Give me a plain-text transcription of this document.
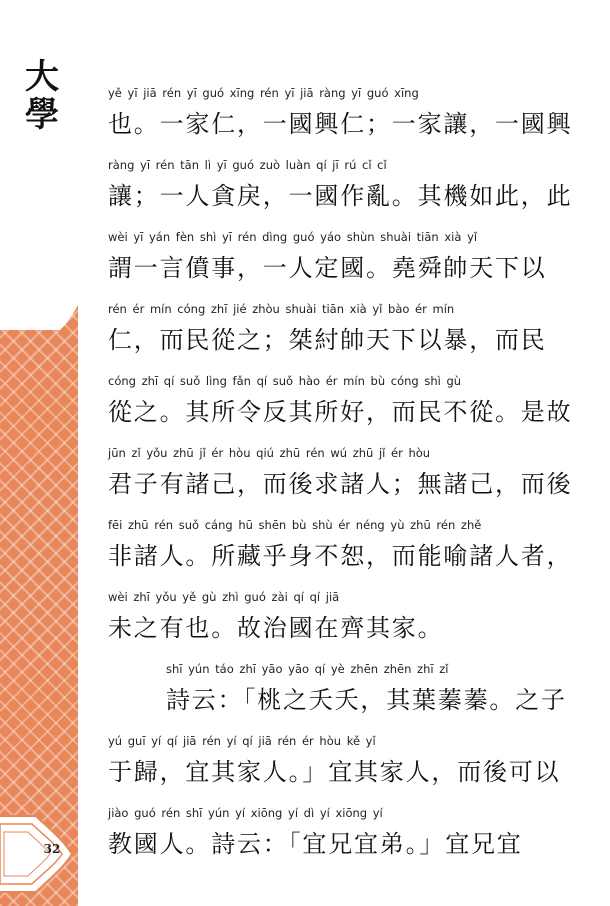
大
學
32
yě yī jiā rén yī guó xīng rén yī jiā ràng yī guó xīng
也。一家仁，一國興仁；一家讓，一國興
ràng yī rén tān lì yī guó zuò luàn qí jī rú cǐ cǐ
讓；一人貪戾，一國作亂。其機如此，此
wèi yī yán fèn shì yī rén dìng guó yáo shùn shuài tiān xià yǐ
謂一言僨事，一人定國。堯舜帥天下以
rén ér mín cóng zhī jié zhòu shuài tiān xià yǐ bào ér mín
仁，而民從之；桀紂帥天下以暴，而民
cóng zhī qí suǒ lìng fǎn qí suǒ hào ér mín bù cóng shì gù
從之。其所令反其所好，而民不從。是故
jūn zǐ yǒu zhū jǐ ér hòu qiú zhū rén wú zhū jǐ ér hòu
君子有諸己，而後求諸人；無諸己，而後
fēi zhū rén suǒ cáng hū shēn bù shù ér néng yù zhū rén zhě
非諸人。所藏乎身不恕，而能喻諸人者，
wèi zhī yǒu yě gù zhì guó zài qí qí jiā
未之有也。故治國在齊其家。
shī yún táo zhī yāo yāo qí yè zhēn zhēn zhī zǐ
詩云：「桃之夭夭，其葉蓁蓁。之子
yú guī yí qí jiā rén yí qí jiā rén ér hòu kě yǐ
于歸，宜其家人。」宜其家人，而後可以
jiào guó rén shī yún yí xiōng yí dì yí xiōng yí
教國人。詩云：「宜兄宜弟。」宜兄宜
